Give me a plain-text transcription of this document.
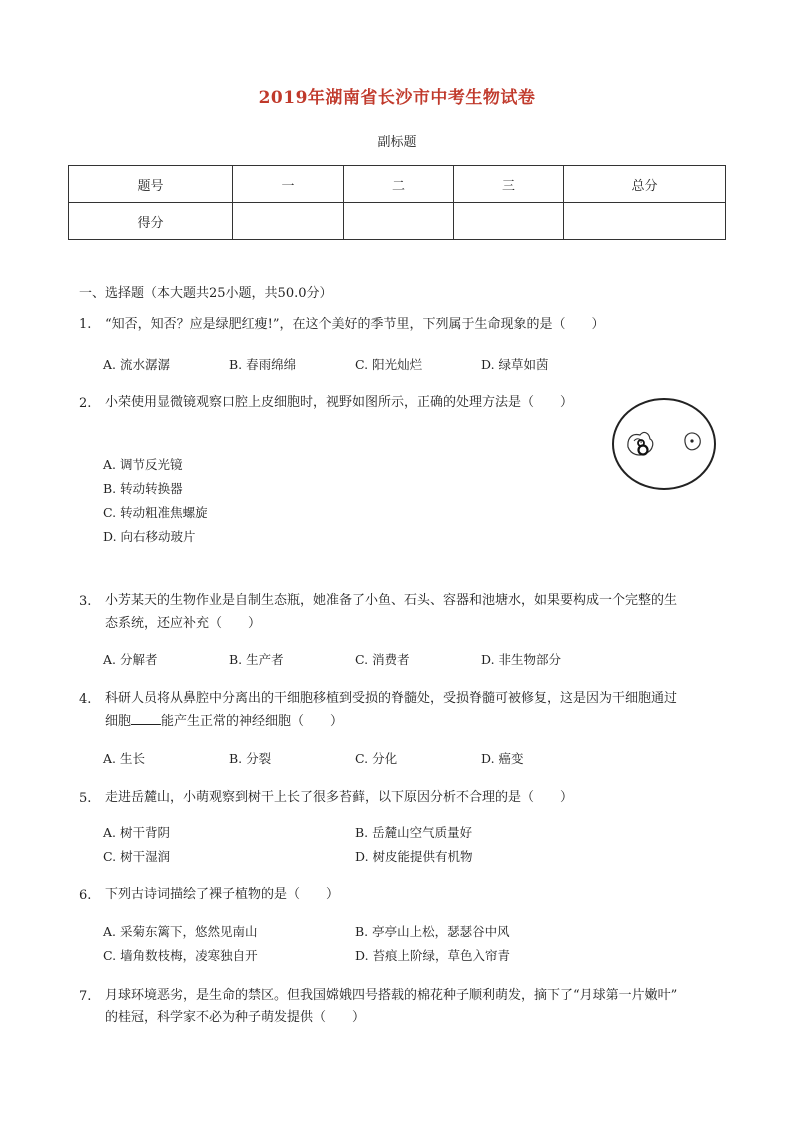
2019年湖南省长沙市中考生物试卷
副标题
题号	一	二	三	总分
得分				
一、选择题（本大题共25小题，共50.0分）
1. “知否，知否？应是绿肥红瘦!”，在这个美好的季节里，下列属于生命现象的是（　　）
A. 流水潺潺	B. 春雨绵绵	C. 阳光灿烂	D. 绿草如茵
2. 小荣使用显微镜观察口腔上皮细胞时，视野如图所示，正确的处理方法是（　　）
A. 调节反光镜
B. 转动转换器
C. 转动粗准焦螺旋
D. 向右移动玻片
3. 小芳某天的生物作业是自制生态瓶，她准备了小鱼、石头、容器和池塘水，如果要构成一个完整的生
态系统，还应补充（　　）
A. 分解者	B. 生产者	C. 消费者	D. 非生物部分
4. 科研人员将从鼻腔中分离出的干细胞移植到受损的脊髓处，受损脊髓可被修复，这是因为干细胞通过
细胞 能产生正常的神经细胞（　　）
A. 生长	B. 分裂	C. 分化	D. 癌变
5. 走进岳麓山，小萌观察到树干上长了很多苔藓，以下原因分析不合理的是（　　）
A. 树干背阴	B. 岳麓山空气质量好
C. 树干湿润	D. 树皮能提供有机物
6. 下列古诗词描绘了裸子植物的是（　　）
A. 采菊东篱下，悠然见南山	B. 亭亭山上松，瑟瑟谷中风
C. 墙角数枝梅，凌寒独自开	D. 苔痕上阶绿，草色入帘青
7. 月球环境恶劣，是生命的禁区。但我国嫦娥四号搭载的棉花种子顺利萌发，摘下了“月球第一片嫩叶”
的桂冠，科学家不必为种子萌发提供（　　）
